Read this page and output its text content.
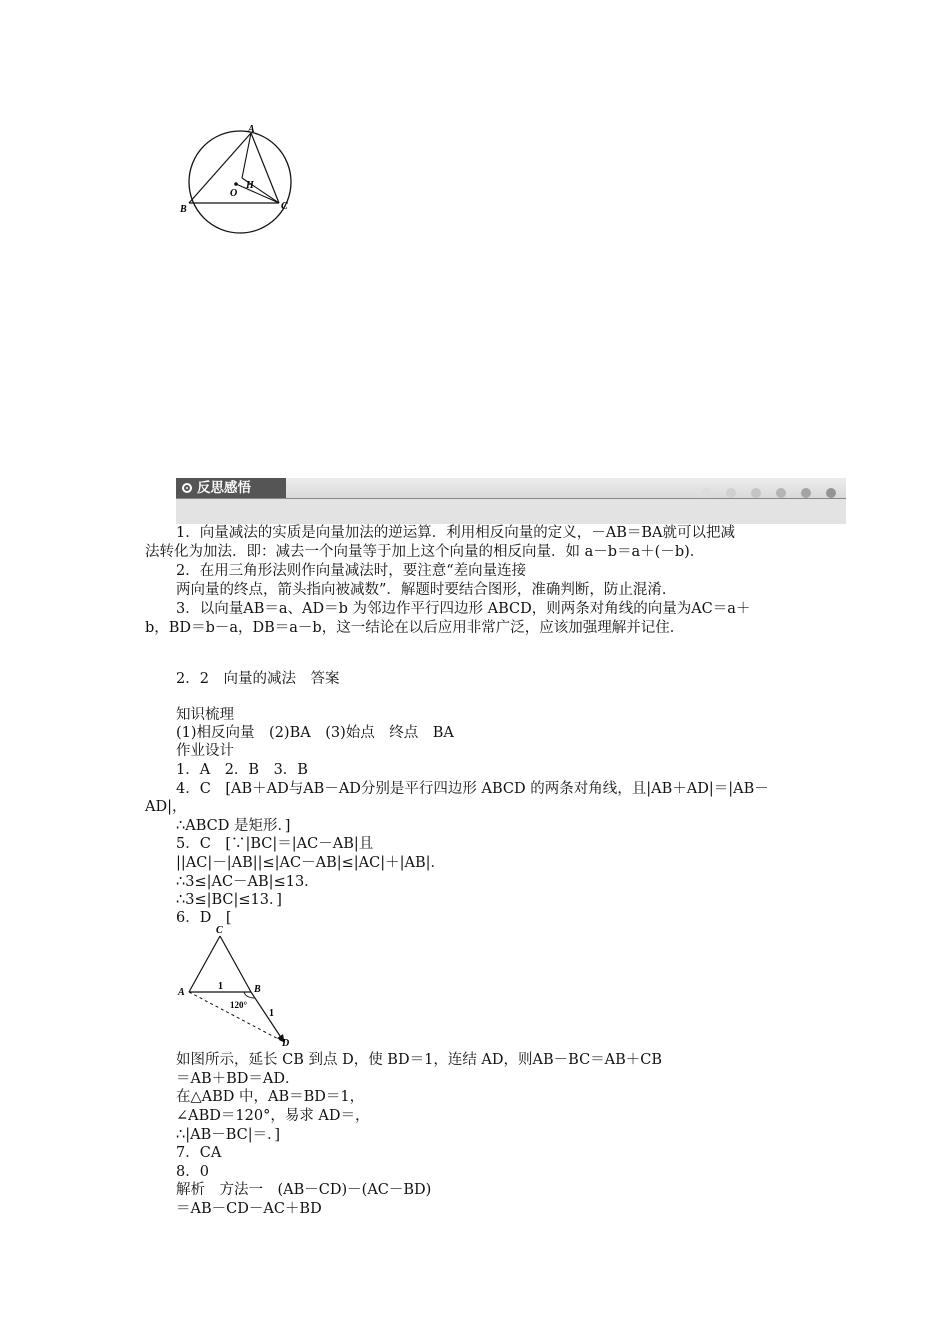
A
B	C
O
H
反思感悟

1．向量减法的实质是向量加法的逆运算．利用相反向量的定义，－AB＝BA就可以把减
法转化为加法．即：减去一个向量等于加上这个向量的相反向量．如 a－b＝a＋(－b)．
2．在用三角形法则作向量减法时，要注意“差向量连接
两向量的终点，箭头指向被减数”．解题时要结合图形，准确判断，防止混淆．
3．以向量AB＝a、AD＝b 为邻边作平行四边形 ABCD，则两条对角线的向量为AC＝a＋
b，BD＝b－a，DB＝a－b，这一结论在以后应用非常广泛，应该加强理解并记住．
2．2　向量的减法　答案
知识梳理
(1)相反向量　(2)BA　(3)始点　终点　BA
作业设计
1．A　2．B　3．B
4．C　[AB＋AD与AB－AD分别是平行四边形 ABCD 的两条对角线，且|AB＋AD|＝|AB－
AD|，
∴ABCD 是矩形．]
5．C　[∵|BC|＝|AC－AB|且
||AC|－|AB||≤|AC－AB|≤|AC|＋|AB|．
∴3≤|AC－AB|≤13．
∴3≤|BC|≤13．]
6．D　[
C
A	B
D
1
1
120°
如图所示，延长 CB 到点 D，使 BD＝1，连结 AD，则AB－BC＝AB＋CB
＝AB＋BD＝AD．
在△ABD 中，AB＝BD＝1，
∠ABD＝120°，易求 AD＝，
∴|AB－BC|＝．]
7．CA
8．0
解析　方法一　(AB－CD)－(AC－BD)
＝AB－CD－AC＋BD
